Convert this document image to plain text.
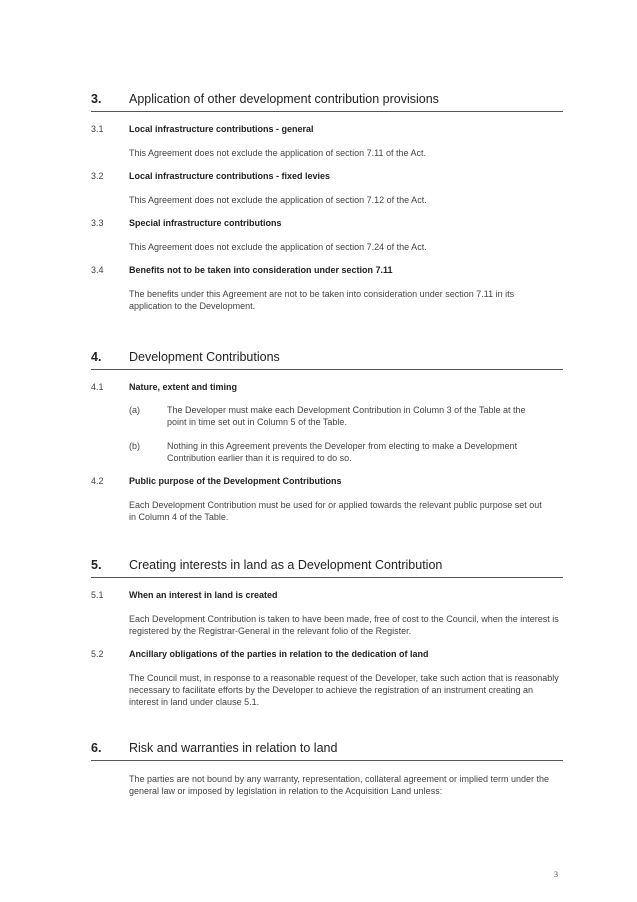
3.	Application of other development contribution provisions
3.1	Local infrastructure contributions - general
This Agreement does not exclude the application of section 7.11 of the Act.
3.2	Local infrastructure contributions - fixed levies
This Agreement does not exclude the application of section 7.12 of the Act.
3.3	Special infrastructure contributions
This Agreement does not exclude the application of section 7.24 of the Act.
3.4	Benefits not to be taken into consideration under section 7.11
The benefits under this Agreement are not to be taken into consideration under section 7.11 in its application to the Development.
4.	Development Contributions
4.1	Nature, extent and timing
(a)	The Developer must make each Development Contribution in Column 3 of the Table at the point in time set out in Column 5 of the Table.
(b)	Nothing in this Agreement prevents the Developer from electing to make a Development Contribution earlier than it is required to do so.
4.2	Public purpose of the Development Contributions
Each Development Contribution must be used for or applied towards the relevant public purpose set out in Column 4 of the Table.
5.	Creating interests in land as a Development Contribution
5.1	When an interest in land is created
Each Development Contribution is taken to have been made, free of cost to the Council, when the interest is registered by the Registrar-General in the relevant folio of the Register.
5.2	Ancillary obligations of the parties in relation to the dedication of land
The Council must, in response to a reasonable request of the Developer, take such action that is reasonably necessary to facilitate efforts by the Developer to achieve the registration of an instrument creating an interest in land under clause 5.1.
6.	Risk and warranties in relation to land
The parties are not bound by any warranty, representation, collateral agreement or implied term under the general law or imposed by legislation in relation to the Acquisition Land unless:
3
